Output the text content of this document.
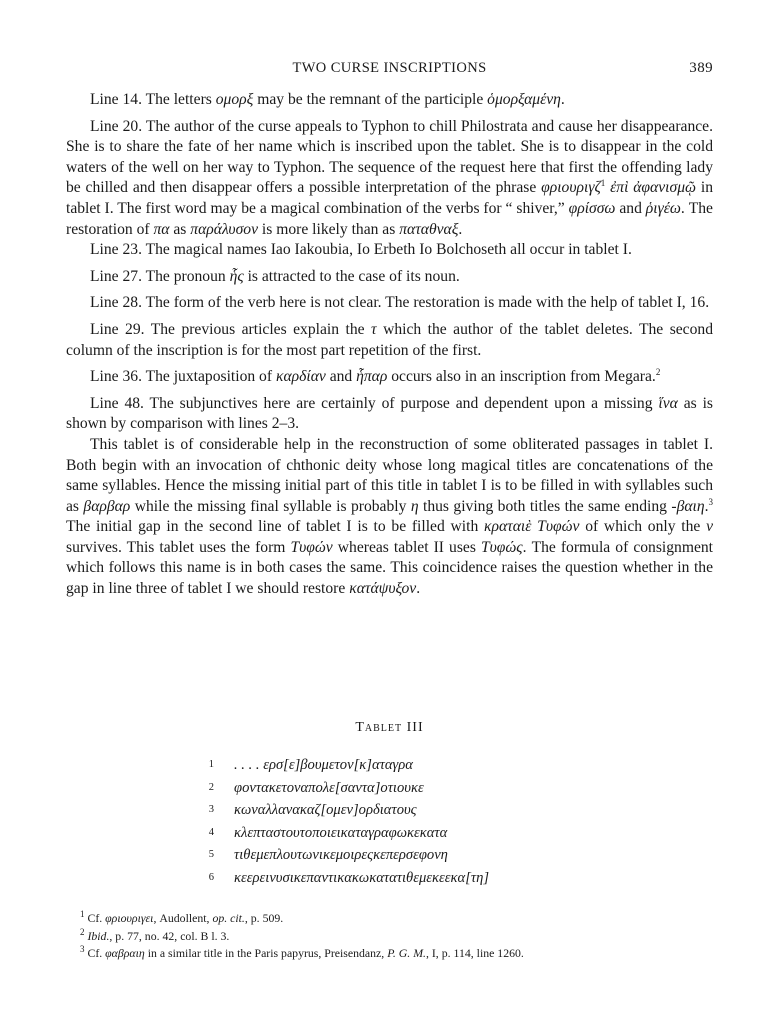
TWO CURSE INSCRIPTIONS	389

Line 14. The letters ομορξ may be the remnant of the participle ὁμορξαμένη.

Line 20. The author of the curse appeals to Typhon to chill Philostrata and cause her disappearance. She is to share the fate of her name which is inscribed upon the tablet. She is to disappear in the cold waters of the well on her way to Typhon. The sequence of the request here that first the offending lady be chilled and then disappear offers a possible interpretation of the phrase φριουριγζ$^1$ ἐπὶ ἀφανισμῷ in tablet I. The first word may be a magical combination of the verbs for “ shiver,” φρίσσω and ῥιγέω. The restoration of πα as παράλυσον is more likely than as παταθναξ.

Line 23. The magical names Iao Iakoubia, Io Erbeth Io Bolchoseth all occur in tablet I.

Line 27. The pronoun ἧς is attracted to the case of its noun.

Line 28. The form of the verb here is not clear. The restoration is made with the help of tablet I, 16.

Line 29. The previous articles explain the τ which the author of the tablet deletes. The second column of the inscription is for the most part repetition of the first.

Line 36. The juxtaposition of καρδίαν and ἧπαρ occurs also in an inscription from Megara.$^2$

Line 48. The subjunctives here are certainly of purpose and dependent upon a missing ἵνα as is shown by comparison with lines 2–3.

This tablet is of considerable help in the reconstruction of some obliterated passages in tablet I. Both begin with an invocation of chthonic deity whose long magical titles are concatenations of the same syllables. Hence the missing initial part of this title in tablet I is to be filled in with syllables such as βαρβαρ while the missing final syllable is probably η thus giving both titles the same ending -βαιη.$^3$ The initial gap in the second line of tablet I is to be filled with κραταιὲ Τυφών of which only the ν survives. This tablet uses the form Τυφών whereas tablet II uses Τυφώς. The formula of consignment which follows this name is in both cases the same. This coincidence raises the question whether in the gap in line three of tablet I we should restore κατάψυξον.

Tablet III
1 . . . . ερσ[ε]βουμετον[κ]αταγρα
2 φοντακετοναπολε[σαντα]οτιουκε
3 κωναλλανακαζ[ομεν]ορδιατους
4 κλεπταστουτοποιεικαταγραφωκεκατα
5 τιθεμεπλουτωνικεμοιρεςκεπερσεφονη
6 κεερεινυσικεπαντικακωκατατιθεμεκεεκα[τη]
$^1$ Cf. φριουριγει, Audollent, op. cit., p. 509.
$^2$ Ibid., p. 77, no. 42, col. B l. 3.
$^3$ Cf. φαβραιη in a similar title in the Paris papyrus, Preisendanz, P. G. M., I, p. 114, line 1260.
